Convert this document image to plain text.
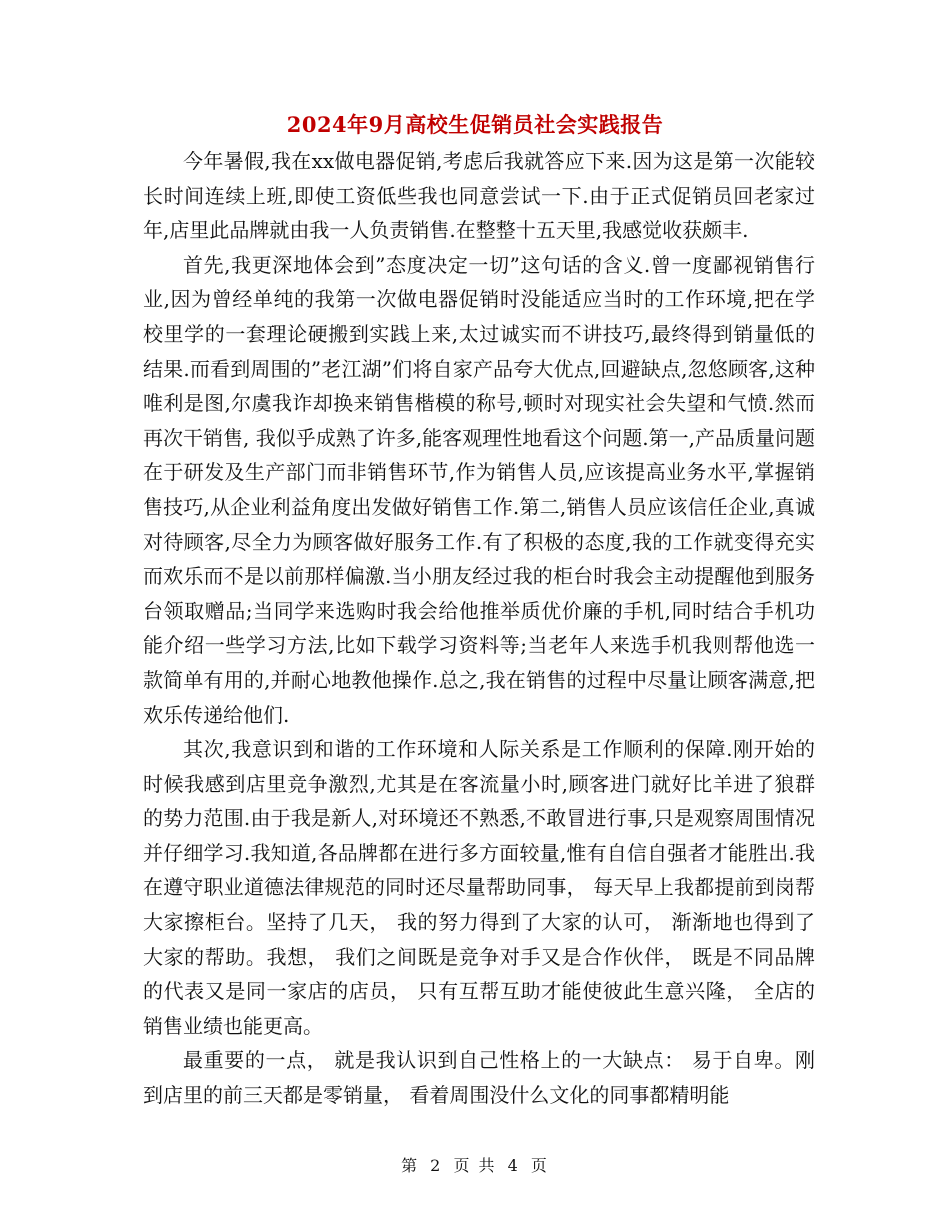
2024年9月高校生促销员社会实践报告

今年暑假,我在xx做电器促销,考虑后我就答应下来.因为这是第一次能较长时间连续上班,即使工资低些我也同意尝试一下.由于正式促销员回老家过年,店里此品牌就由我一人负责销售.在整整十五天里,我感觉收获颇丰.

首先,我更深地体会到”态度决定一切”这句话的含义.曾一度鄙视销售行业,因为曾经单纯的我第一次做电器促销时没能适应当时的工作环境,把在学校里学的一套理论硬搬到实践上来,太过诚实而不讲技巧,最终得到销量低的结果.而看到周围的”老江湖”们将自家产品夸大优点,回避缺点,忽悠顾客,这种唯利是图,尔虞我诈却换来销售楷模的称号,顿时对现实社会失望和气愤.然而再次干销售, 我似乎成熟了许多,能客观理性地看这个问题.第一,产品质量问题在于研发及生产部门而非销售环节,作为销售人员,应该提高业务水平,掌握销售技巧,从企业利益角度出发做好销售工作.第二,销售人员应该信任企业,真诚对待顾客,尽全力为顾客做好服务工作.有了积极的态度,我的工作就变得充实而欢乐而不是以前那样偏激.当小朋友经过我的柜台时我会主动提醒他到服务台领取赠品;当同学来选购时我会给他推举质优价廉的手机,同时结合手机功能介绍一些学习方法,比如下载学习资料等;当老年人来选手机我则帮他选一款简单有用的,并耐心地教他操作.总之,我在销售的过程中尽量让顾客满意,把欢乐传递给他们.

其次,我意识到和谐的工作环境和人际关系是工作顺利的保障.刚开始的时候我感到店里竞争激烈,尤其是在客流量小时,顾客进门就好比羊进了狼群的势力范围.由于我是新人,对环境还不熟悉,不敢冒进行事,只是观察周围情况并仔细学习.我知道,各品牌都在进行多方面较量,惟有自信自强者才能胜出.我在遵守职业道德法律规范的同时还尽量帮助同事， 每天早上我都提前到岗帮大家擦柜台。坚持了几天， 我的努力得到了大家的认可， 渐渐地也得到了大家的帮助。我想， 我们之间既是竞争对手又是合作伙伴， 既是不同品牌的代表又是同一家店的店员， 只有互帮互助才能使彼此生意兴隆， 全店的销售业绩也能更高。

最重要的一点， 就是我认识到自己性格上的一大缺点： 易于自卑。刚到店里的前三天都是零销量， 看着周围没什么文化的同事都精明能

第 2 页 共 4 页
